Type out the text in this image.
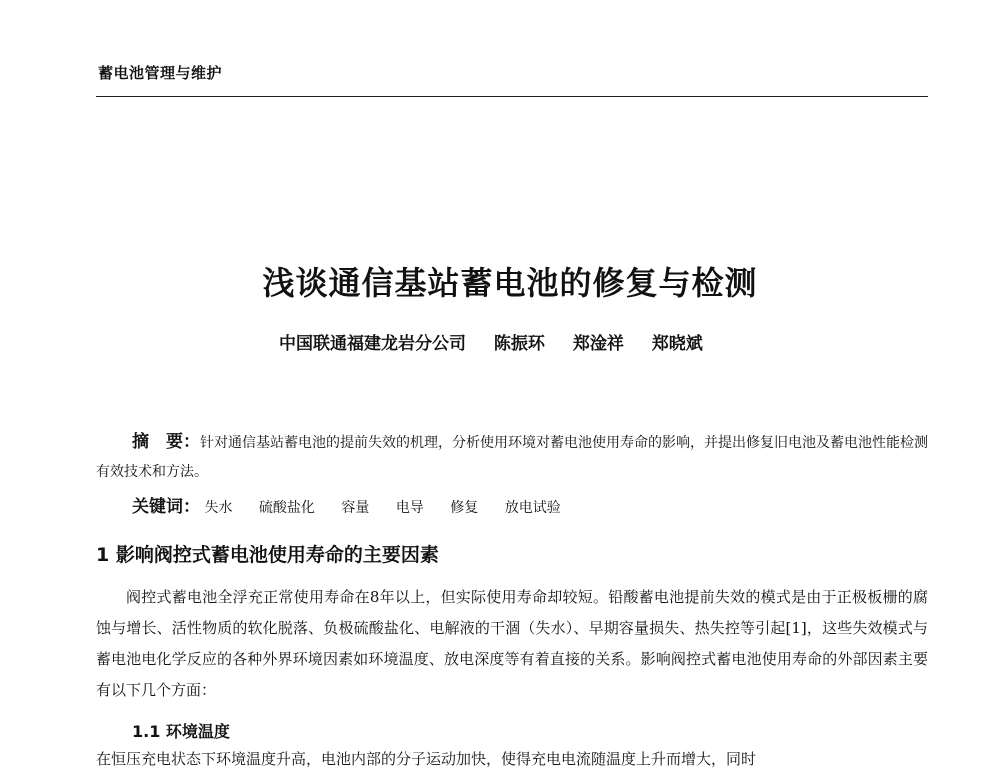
蓄电池管理与维护
浅谈通信基站蓄电池的修复与检测
中国联通福建龙岩分公司 陈振环 郑淦祥 郑晓斌
摘　要：针对通信基站蓄电池的提前失效的机理，分析使用环境对蓄电池使用寿命的影响，并提出修复旧电池及蓄电池性能检测有效技术和方法。
关键词： 失水 硫酸盐化 容量 电导 修复 放电试验
1 影响阀控式蓄电池使用寿命的主要因素
阀控式蓄电池全浮充正常使用寿命在8年以上，但实际使用寿命却较短。铅酸蓄电池提前失效的模式是由于正极板栅的腐蚀与增长、活性物质的软化脱落、负极硫酸盐化、电解液的干涸（失水）、早期容量损失、热失控等引起[1]，这些失效模式与蓄电池电化学反应的各种外界环境因素如环境温度、放电深度等有着直接的关系。影响阀控式蓄电池使用寿命的外部因素主要有以下几个方面：
1.1 环境温度
在恒压充电状态下环境温度升高，电池内部的分子运动加快，使得充电电流随温度上升而增大，同时
